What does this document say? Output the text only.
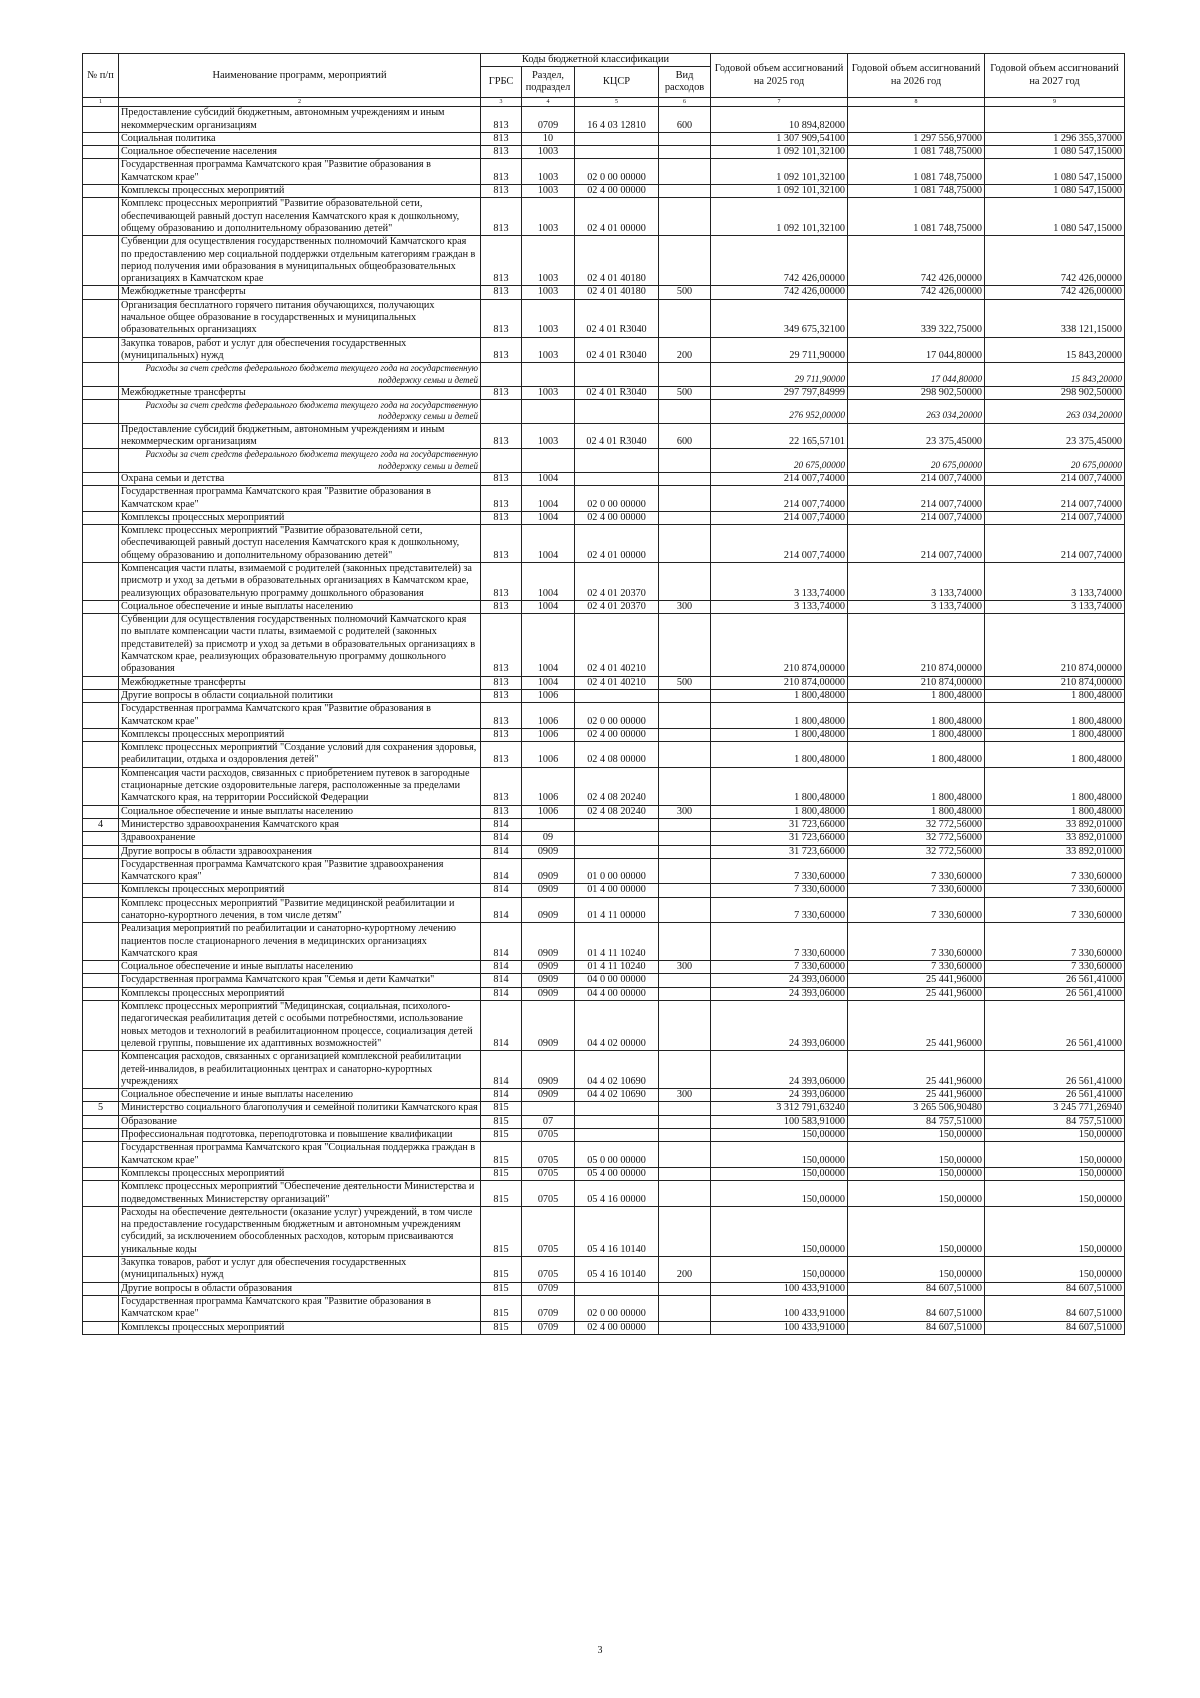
№ п/п	Наименование программ, мероприятий	Коды бюджетной классификации				Годовой объем ассигнований на 2025 год	Годовой объем ассигнований на 2026 год	Годовой объем ассигнований на 2027 год
		ГРБС	Раздел, подраздел	КЦСР	Вид расходов			
1	2	3	4	5	6	7	8	9
	Предоставление субсидий бюджетным, автономным учреждениям и иным некоммерческим организациям	813	0709	16 4 03 12810	600	10 894,82000		
	Социальная политика	813	10			1 307 909,54100	1 297 556,97000	1 296 355,37000
	Социальное обеспечение населения	813	1003			1 092 101,32100	1 081 748,75000	1 080 547,15000
	Государственная программа Камчатского края "Развитие образования в Камчатском крае"	813	1003	02 0 00 00000		1 092 101,32100	1 081 748,75000	1 080 547,15000
	Комплексы процессных мероприятий	813	1003	02 4 00 00000		1 092 101,32100	1 081 748,75000	1 080 547,15000
	Комплекс процессных мероприятий "Развитие образовательной сети, обеспечивающей равный доступ населения Камчатского края к дошкольному, общему образованию и дополнительному образованию детей"	813	1003	02 4 01 00000		1 092 101,32100	1 081 748,75000	1 080 547,15000
	Субвенции для осуществления государственных полномочий Камчатского края по предоставлению мер социальной поддержки отдельным категориям граждан в период получения ими образования в муниципальных общеобразовательных организациях в Камчатском крае	813	1003	02 4 01 40180		742 426,00000	742 426,00000	742 426,00000
	Межбюджетные трансферты	813	1003	02 4 01 40180	500	742 426,00000	742 426,00000	742 426,00000
	Организация бесплатного горячего питания обучающихся, получающих начальное общее образование в государственных и муниципальных образовательных организациях	813	1003	02 4 01 R3040		349 675,32100	339 322,75000	338 121,15000
	Закупка товаров, работ и услуг для обеспечения государственных (муниципальных) нужд	813	1003	02 4 01 R3040	200	29 711,90000	17 044,80000	15 843,20000
	Расходы за счет средств федерального бюджета текущего года на государственную поддержку семьи и детей					29 711,90000	17 044,80000	15 843,20000
	Межбюджетные трансферты	813	1003	02 4 01 R3040	500	297 797,84999	298 902,50000	298 902,50000
	Расходы за счет средств федерального бюджета текущего года на государственную поддержку семьи и детей					276 952,00000	263 034,20000	263 034,20000
	Предоставление субсидий бюджетным, автономным учреждениям и иным некоммерческим организациям	813	1003	02 4 01 R3040	600	22 165,57101	23 375,45000	23 375,45000
	Расходы за счет средств федерального бюджета текущего года на государственную поддержку семьи и детей					20 675,00000	20 675,00000	20 675,00000
	Охрана семьи и детства	813	1004			214 007,74000	214 007,74000	214 007,74000
	Государственная программа Камчатского края "Развитие образования в Камчатском крае"	813	1004	02 0 00 00000		214 007,74000	214 007,74000	214 007,74000
	Комплексы процессных мероприятий	813	1004	02 4 00 00000		214 007,74000	214 007,74000	214 007,74000
	Комплекс процессных мероприятий "Развитие образовательной сети, обеспечивающей равный доступ населения Камчатского края к дошкольному, общему образованию и дополнительному образованию детей"	813	1004	02 4 01 00000		214 007,74000	214 007,74000	214 007,74000
	Компенсация части платы, взимаемой с родителей (законных представителей) за присмотр и уход за детьми в образовательных организациях в Камчатском крае, реализующих образовательную программу дошкольного образования	813	1004	02 4 01 20370		3 133,74000	3 133,74000	3 133,74000
	Социальное обеспечение и иные выплаты населению	813	1004	02 4 01 20370	300	3 133,74000	3 133,74000	3 133,74000
	Субвенции для осуществления государственных полномочий Камчатского края по выплате компенсации части платы, взимаемой с родителей (законных представителей) за присмотр и уход за детьми в образовательных организациях в Камчатском крае, реализующих образовательную программу дошкольного образования	813	1004	02 4 01 40210		210 874,00000	210 874,00000	210 874,00000
	Межбюджетные трансферты	813	1004	02 4 01 40210	500	210 874,00000	210 874,00000	210 874,00000
	Другие вопросы в области социальной политики	813	1006			1 800,48000	1 800,48000	1 800,48000
	Государственная программа Камчатского края "Развитие образования в Камчатском крае"	813	1006	02 0 00 00000		1 800,48000	1 800,48000	1 800,48000
	Комплексы процессных мероприятий	813	1006	02 4 00 00000		1 800,48000	1 800,48000	1 800,48000
	Комплекс процессных мероприятий "Создание условий для сохранения здоровья, реабилитации, отдыха и оздоровления детей"	813	1006	02 4 08 00000		1 800,48000	1 800,48000	1 800,48000
	Компенсация части расходов, связанных с приобретением путевок в загородные стационарные детские оздоровительные лагеря, расположенные за пределами Камчатского края, на территории Российской Федерации	813	1006	02 4 08 20240		1 800,48000	1 800,48000	1 800,48000
	Социальное обеспечение и иные выплаты населению	813	1006	02 4 08 20240	300	1 800,48000	1 800,48000	1 800,48000
4	Министерство здравоохранения Камчатского края	814				31 723,66000	32 772,56000	33 892,01000
	Здравоохранение	814	09			31 723,66000	32 772,56000	33 892,01000
	Другие вопросы в области здравоохранения	814	0909			31 723,66000	32 772,56000	33 892,01000
	Государственная программа Камчатского края "Развитие здравоохранения Камчатского края"	814	0909	01 0 00 00000		7 330,60000	7 330,60000	7 330,60000
	Комплексы процессных мероприятий	814	0909	01 4 00 00000		7 330,60000	7 330,60000	7 330,60000
	Комплекс процессных мероприятий "Развитие медицинской реабилитации и санаторно-курортного лечения, в том числе детям"	814	0909	01 4 11 00000		7 330,60000	7 330,60000	7 330,60000
	Реализация мероприятий по реабилитации и санаторно-курортному лечению пациентов после стационарного лечения в медицинских организациях Камчатского края	814	0909	01 4 11 10240		7 330,60000	7 330,60000	7 330,60000
	Социальное обеспечение и иные выплаты населению	814	0909	01 4 11 10240	300	7 330,60000	7 330,60000	7 330,60000
	Государственная программа Камчатского края "Семья и дети Камчатки"	814	0909	04 0 00 00000		24 393,06000	25 441,96000	26 561,41000
	Комплексы процессных мероприятий	814	0909	04 4 00 00000		24 393,06000	25 441,96000	26 561,41000
	Комплекс процессных мероприятий "Медицинская, социальная, психолого-педагогическая реабилитация детей с особыми потребностями, использование новых методов и технологий в реабилитационном процессе, социализация детей целевой группы, повышение их адаптивных возможностей"	814	0909	04 4 02 00000		24 393,06000	25 441,96000	26 561,41000
	Компенсация расходов, связанных с организацией комплексной реабилитации детей-инвалидов, в реабилитационных центрах и санаторно-курортных учреждениях	814	0909	04 4 02 10690		24 393,06000	25 441,96000	26 561,41000
	Социальное обеспечение и иные выплаты населению	814	0909	04 4 02 10690	300	24 393,06000	25 441,96000	26 561,41000
5	Министерство социального благополучия и семейной политики Камчатского края	815				3 312 791,63240	3 265 506,90480	3 245 771,26940
	Образование	815	07			100 583,91000	84 757,51000	84 757,51000
	Профессиональная подготовка, переподготовка и повышение квалификации	815	0705			150,00000	150,00000	150,00000
	Государственная программа Камчатского края "Социальная поддержка граждан в Камчатском крае"	815	0705	05 0 00 00000		150,00000	150,00000	150,00000
	Комплексы процессных мероприятий	815	0705	05 4 00 00000		150,00000	150,00000	150,00000
	Комплекс процессных мероприятий "Обеспечение деятельности Министерства и подведомственных Министерству организаций"	815	0705	05 4 16 00000		150,00000	150,00000	150,00000
	Расходы на обеспечение деятельности (оказание услуг) учреждений, в том числе на предоставление государственным бюджетным и автономным учреждениям субсидий, за исключением обособленных расходов, которым присваиваются уникальные коды	815	0705	05 4 16 10140		150,00000	150,00000	150,00000
	Закупка товаров, работ и услуг для обеспечения государственных (муниципальных) нужд	815	0705	05 4 16 10140	200	150,00000	150,00000	150,00000
	Другие вопросы в области образования	815	0709			100 433,91000	84 607,51000	84 607,51000
	Государственная программа Камчатского края "Развитие образования в Камчатском крае"	815	0709	02 0 00 00000		100 433,91000	84 607,51000	84 607,51000
	Комплексы процессных мероприятий	815	0709	02 4 00 00000		100 433,91000	84 607,51000	84 607,51000
3
